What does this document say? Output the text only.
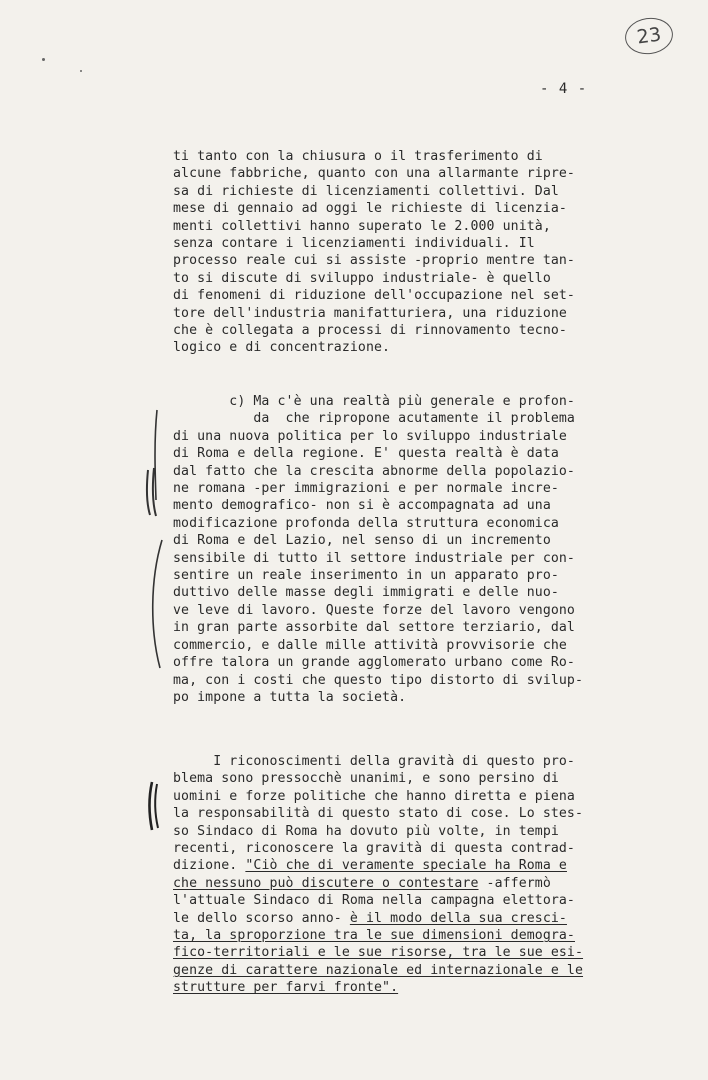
23
- 4 -

ti tanto con la chiusura o il trasferimento di
alcune fabbriche, quanto con una allarmante ripre-
sa di richieste di licenziamenti collettivi. Dal
mese di gennaio ad oggi le richieste di licenzia-
menti collettivi hanno superato le 2.000 unità,
senza contare i licenziamenti individuali. Il
processo reale cui si assiste -proprio mentre tan-
to si discute di sviluppo industriale- è quello
di fenomeni di riduzione dell'occupazione nel set-
tore dell'industria manifatturiera, una riduzione
che è collegata a processi di rinnovamento tecno-
logico e di concentrazione.

c) Ma c'è una realtà più generale e profon-
da  che ripropone acutamente il problema
di una nuova politica per lo sviluppo industriale
di Roma e della regione. E' questa realtà è data
dal fatto che la crescita abnorme della popolazio-
ne romana -per immigrazioni e per normale incre-
mento demografico- non si è accompagnata ad una
modificazione profonda della struttura economica
di Roma e del Lazio, nel senso di un incremento
sensibile di tutto il settore industriale per con-
sentire un reale inserimento in un apparato pro-
duttivo delle masse degli immigrati e delle nuo-
ve leve di lavoro. Queste forze del lavoro vengono
in gran parte assorbite dal settore terziario, dal
commercio, e dalle mille attività provvisorie che
offre talora un grande agglomerato urbano come Ro-
ma, con i costi che questo tipo distorto di svilup-
po impone a tutta la società.

I riconoscimenti della gravità di questo pro-
blema sono pressocchè unanimi, e sono persino di
uomini e forze politiche che hanno diretta e piena
la responsabilità di questo stato di cose. Lo stes-
so Sindaco di Roma ha dovuto più volte, in tempi
recenti, riconoscere la gravità di questa contrad-
dizione. "Ciò che di veramente speciale ha Roma e
che nessuno può discutere o contestare -affermò
l'attuale Sindaco di Roma nella campagna elettora-
le dello scorso anno- è il modo della sua cresci-
ta, la sproporzione tra le sue dimensioni demogra-
fico-territoriali e le sue risorse, tra le sue esi-
genze di carattere nazionale ed internazionale e le
strutture per farvi fronte".
